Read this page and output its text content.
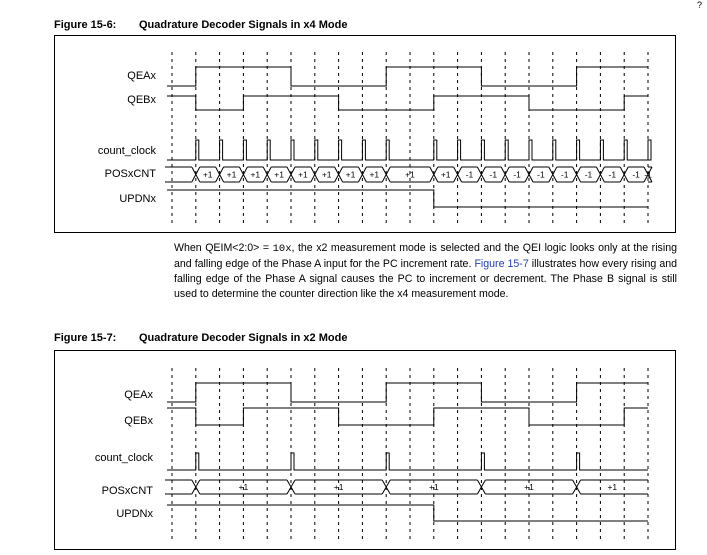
Figure 15-6: Quadrature Decoder Signals in x4 Mode
Figure 15-7: Quadrature Decoder Signals in x2 Mode
QEAx
QEBx
count_clock
POSxCNT
UPDNx
+1 +1 +1 +1 +1 +1 +1 +1	+1	+1 -1 -1 -1 -1 -1 -1 -1 -1 -1
QEAx
QEBx
count_clock
POSxCNT
UPDNx
+1	+1	+1	+1	+1
When QEIM<2:0> = 10x, the x2 measurement mode is selected and the QEI logic looks only at the rising and falling edge of the Phase A input for the PC increment rate. Figure 15-7 illustrates how every rising and falling edge of the Phase A signal causes the PC to increment or decrement. The Phase B signal is still used to determine the counter direction like the x4 measurement mode.
?
